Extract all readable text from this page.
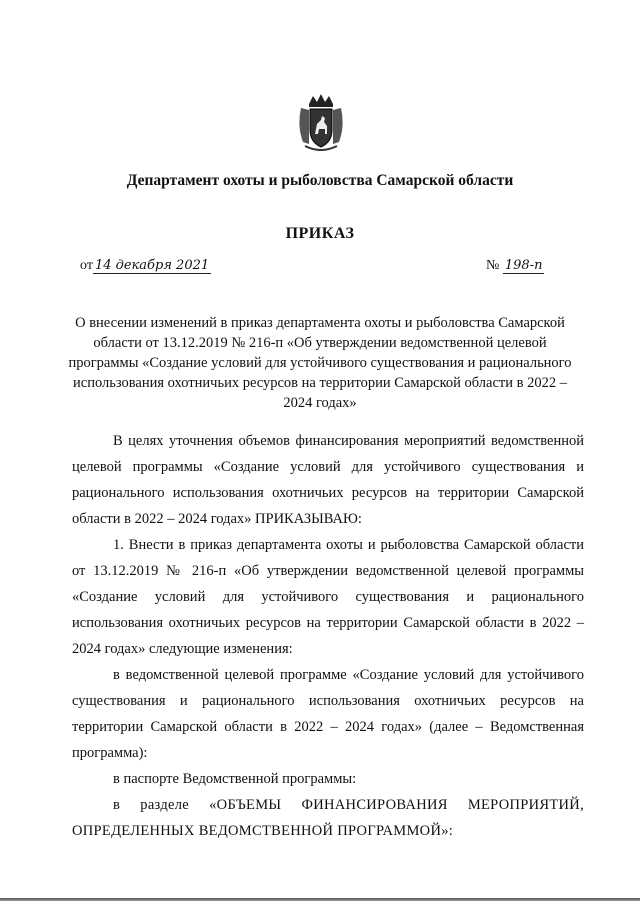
Департамент охоты и рыболовства Самарской области
ПРИКАЗ
от 14 декабря 2021	№ 198-п
О внесении изменений в приказ департамента охоты и рыболовства Самарской области от 13.12.2019 № 216-п «Об утверждении ведомственной целевой программы «Создание условий для устойчивого существования и рационального использования охотничьих ресурсов на территории Самарской области в 2022 – 2024 годах»

В целях уточнения объемов финансирования мероприятий ведомственной целевой программы «Создание условий для устойчивого существования и рационального использования охотничьих ресурсов на территории Самарской области в 2022 – 2024 годах» ПРИКАЗЫВАЮ:

1. Внести в приказ департамента охоты и рыболовства Самарской области от 13.12.2019 № 216-п «Об утверждении ведомственной целевой программы «Создание условий для устойчивого существования и рационального использования охотничьих ресурсов на территории Самарской области в 2022 – 2024 годах» следующие изменения:

в ведомственной целевой программе «Создание условий для устойчивого существования и рационального использования охотничьих ресурсов на территории Самарской области в 2022 – 2024 годах» (далее – Ведомственная программа):

в паспорте Ведомственной программы:

в разделе «ОБЪЕМЫ ФИНАНСИРОВАНИЯ МЕРОПРИЯТИЙ, ОПРЕДЕЛЕННЫХ ВЕДОМСТВЕННОЙ ПРОГРАММОЙ»:
